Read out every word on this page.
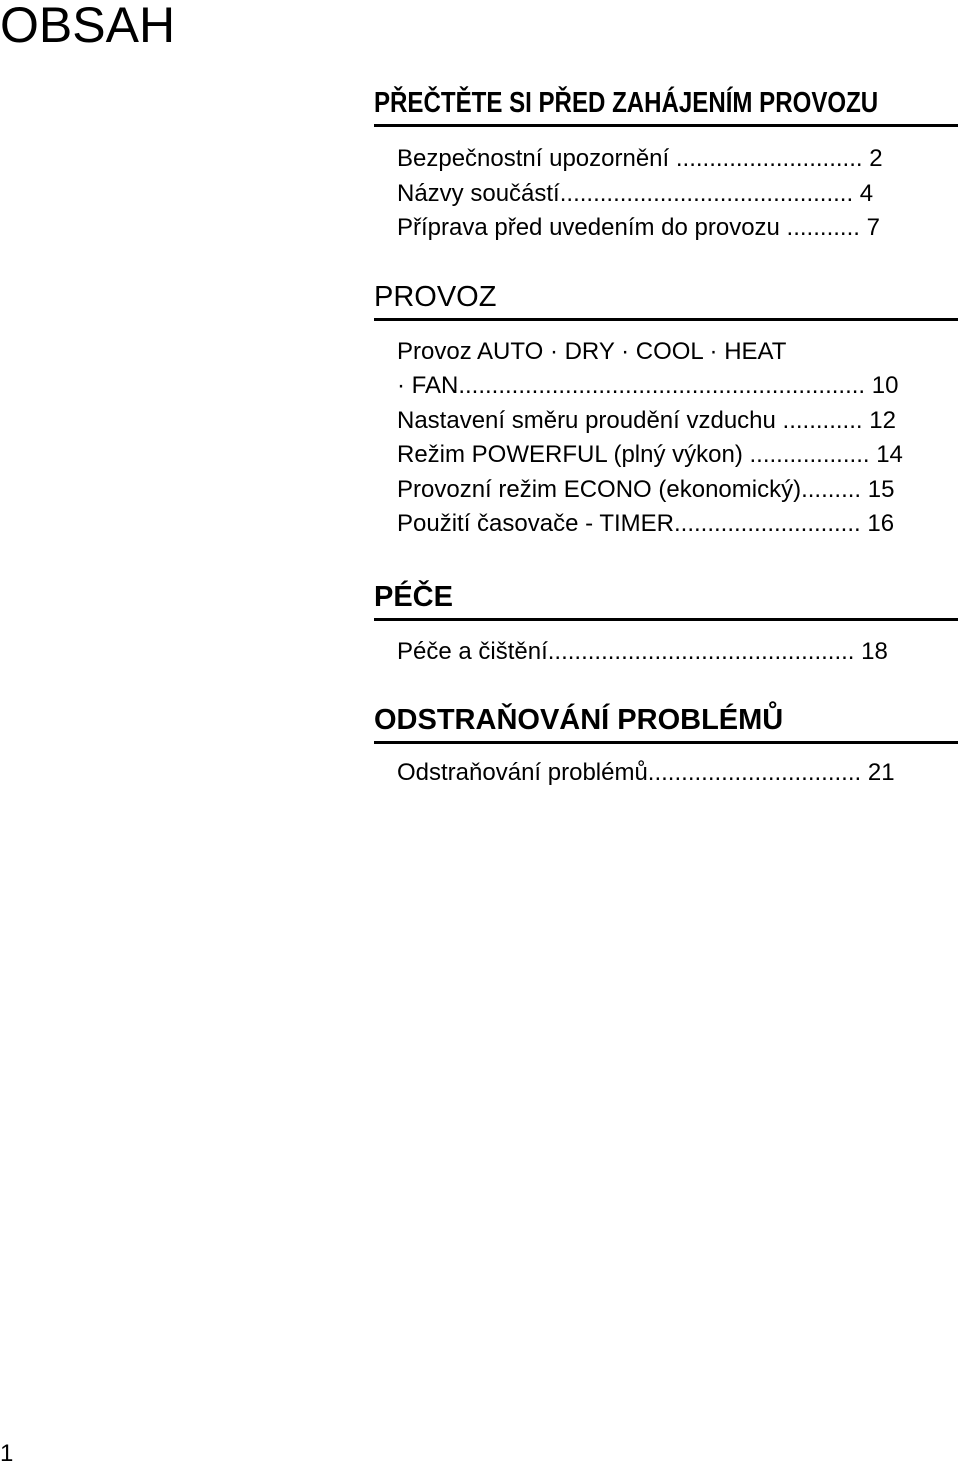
OBSAH
PŘEČTĚTE SI PŘED ZAHÁJENÍM PROVOZU
Bezpečnostní upozornění ............................ 2
Názvy součástí............................................ 4
Příprava před uvedením do provozu ........... 7
PROVOZ
Provoz AUTO · DRY · COOL · HEAT
· FAN............................................................. 10
Nastavení směru proudění vzduchu ............ 12
Režim POWERFUL (plný výkon) .................. 14
Provozní režim ECONO (ekonomický)......... 15
Použití časovače - TIMER............................ 16
PÉČE
Péče a čištění.............................................. 18
ODSTRAŇOVÁNÍ PROBLÉMŮ
Odstraňování problémů................................ 21
1
